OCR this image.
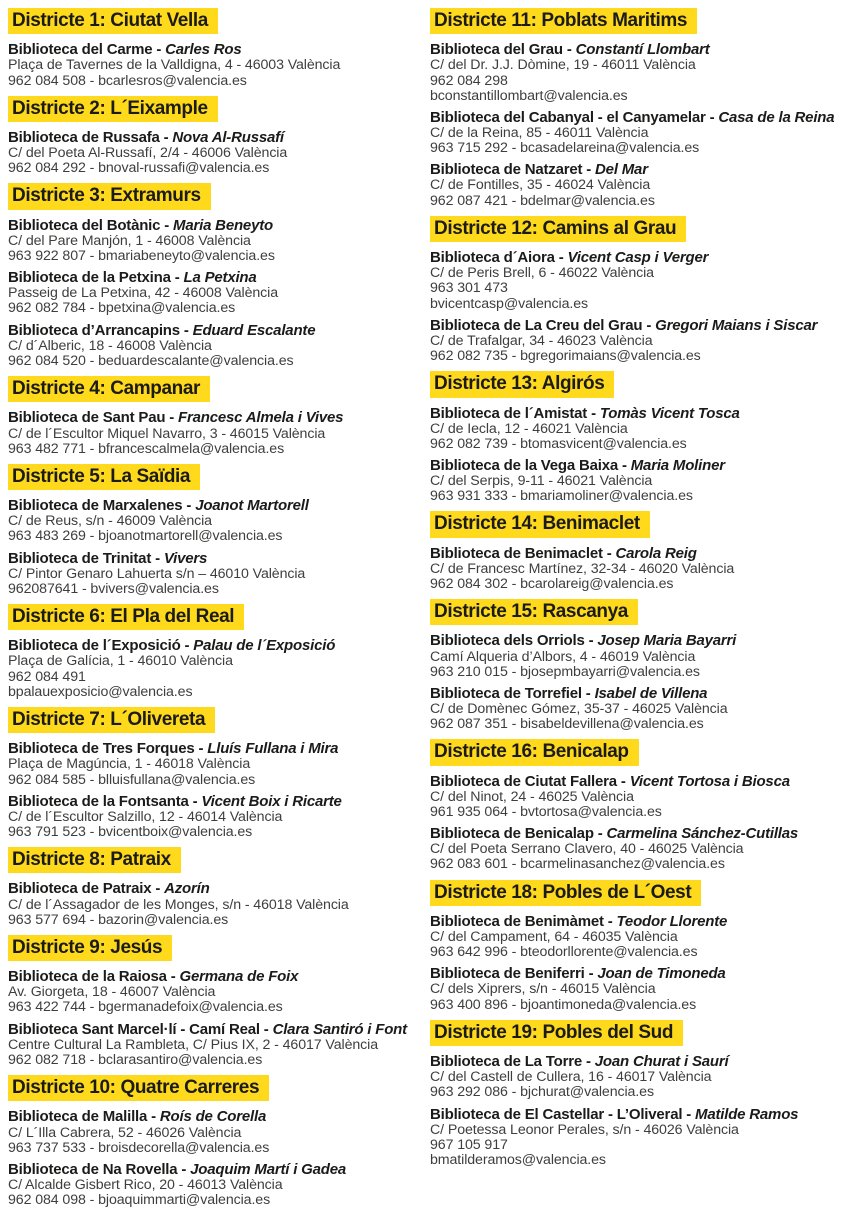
Districte 1: Ciutat Vella
Biblioteca del Carme - Carles Ros
Plaça de Tavernes de la Valldigna, 4 - 46003 València
962 084 508 - bcarlesros@valencia.es
Districte 2: L´Eixample
Biblioteca de Russafa - Nova Al-Russafí
C/ del Poeta Al-Russafí, 2/4 - 46006 València
962 084 292 - bnoval-russafi@valencia.es
Districte 3: Extramurs
Biblioteca del Botànic - Maria Beneyto
C/ del Pare Manjón, 1 - 46008 València
963 922 807 - bmariabeneyto@valencia.es
Biblioteca de la Petxina - La Petxina
Passeig de La Petxina, 42 - 46008 València
962 082 784 - bpetxina@valencia.es
Biblioteca d’Arrancapins - Eduard Escalante
C/ d´Alberic, 18 - 46008 València
962 084 520 - beduardescalante@valencia.es
Districte 4: Campanar
Biblioteca de Sant Pau - Francesc Almela i Vives
C/ de l´Escultor Miquel Navarro, 3 - 46015 València
963 482 771 - bfrancescalmela@valencia.es
Districte 5: La Saïdia
Biblioteca de Marxalenes - Joanot Martorell
C/ de Reus, s/n - 46009 València
963 483 269 - bjoanotmartorell@valencia.es
Biblioteca de Trinitat - Vivers
C/ Pintor Genaro Lahuerta s/n – 46010 València
962087641 - bvivers@valencia.es
Districte 6: El Pla del Real
Biblioteca de l´Exposició - Palau de l´Exposició
Plaça de Galícia, 1 - 46010 València
962 084 491
bpalauexposicio@valencia.es
Districte 7: L´Olivereta
Biblioteca de Tres Forques - Lluís Fullana i Mira
Plaça de Magúncia, 1 - 46018 València
962 084 585 - blluisfullana@valencia.es
Biblioteca de la Fontsanta - Vicent Boix i Ricarte
C/ de l´Escultor Salzillo, 12 - 46014 València
963 791 523 - bvicentboix@valencia.es
Districte 8: Patraix
Biblioteca de Patraix - Azorín
C/ de l´Assagador de les Monges, s/n - 46018 València
963 577 694 - bazorin@valencia.es
Districte 9: Jesús
Biblioteca de la Raiosa - Germana de Foix
Av. Giorgeta, 18 - 46007 València
963 422 744 - bgermanadefoix@valencia.es
Biblioteca Sant Marcel·lí - Camí Real - Clara Santiró i Font
Centre Cultural La Rambleta, C/ Pius IX, 2 - 46017 València
962 082 718 - bclarasantiro@valencia.es
Districte 10: Quatre Carreres
Biblioteca de Malilla - Roís de Corella
C/ L´Illa Cabrera, 52 - 46026 València
963 737 533 - broisdecorella@valencia.es
Biblioteca de Na Rovella - Joaquim Martí i Gadea
C/ Alcalde Gisbert Rico, 20 - 46013 València
962 084 098 - bjoaquimmarti@valencia.es
Districte 11: Poblats Maritims
Biblioteca del Grau - Constantí Llombart
C/ del Dr. J.J. Dòmine, 19 - 46011 València
962 084 298
bconstantillombart@valencia.es
Biblioteca del Cabanyal - el Canyamelar - Casa de la Reina
C/ de la Reina, 85 - 46011 València
963 715 292 - bcasadelareina@valencia.es
Biblioteca de Natzaret - Del Mar
C/ de Fontilles, 35 - 46024 València
962 087 421 - bdelmar@valencia.es
Districte 12: Camins al Grau
Biblioteca d´Aiora - Vicent Casp i Verger
C/ de Peris Brell, 6 - 46022 València
963 301 473
bvicentcasp@valencia.es
Biblioteca de La Creu del Grau - Gregori Maians i Siscar
C/ de Trafalgar, 34 - 46023 València
962 082 735 - bgregorimaians@valencia.es
Districte 13: Algirós
Biblioteca de l´Amistat - Tomàs Vicent Tosca
C/ de Iecla, 12 - 46021 València
962 082 739 - btomasvicent@valencia.es
Biblioteca de la Vega Baixa - Maria Moliner
C/ del Serpis, 9-11 - 46021 València
963 931 333 - bmariamoliner@valencia.es
Districte 14: Benimaclet
Biblioteca de Benimaclet - Carola Reig
C/ de Francesc Martínez, 32-34 - 46020 València
962 084 302 - bcarolareig@valencia.es
Districte 15: Rascanya
Biblioteca dels Orriols - Josep Maria Bayarri
Camí Alqueria d’Albors, 4 - 46019 València
963 210 015 - bjosepmbayarri@valencia.es
Biblioteca de Torrefiel - Isabel de Villena
C/ de Domènec Gómez, 35-37 - 46025 València
962 087 351 - bisabeldevillena@valencia.es
Districte 16: Benicalap
Biblioteca de Ciutat Fallera - Vicent Tortosa i Biosca
C/ del Ninot, 24 - 46025 València
961 935 064 - bvtortosa@valencia.es
Biblioteca de Benicalap - Carmelina Sánchez-Cutillas
C/ del Poeta Serrano Clavero, 40 - 46025 València
962 083 601 - bcarmelinasanchez@valencia.es
Districte 18: Pobles de L´Oest
Biblioteca de Benimàmet - Teodor Llorente
C/ del Campament, 64 - 46035 València
963 642 996 - bteodorllorente@valencia.es
Biblioteca de Beniferri - Joan de Timoneda
C/ dels Xiprers, s/n - 46015 València
963 400 896 - bjoantimoneda@valencia.es
Districte 19: Pobles del Sud
Biblioteca de La Torre - Joan Churat i Saurí
C/ del Castell de Cullera, 16 - 46017 València
963 292 086 - bjchurat@valencia.es
Biblioteca de El Castellar - L’Oliveral - Matilde Ramos
C/ Poetessa Leonor Perales, s/n - 46026 València
967 105 917
bmatilderamos@valencia.es
